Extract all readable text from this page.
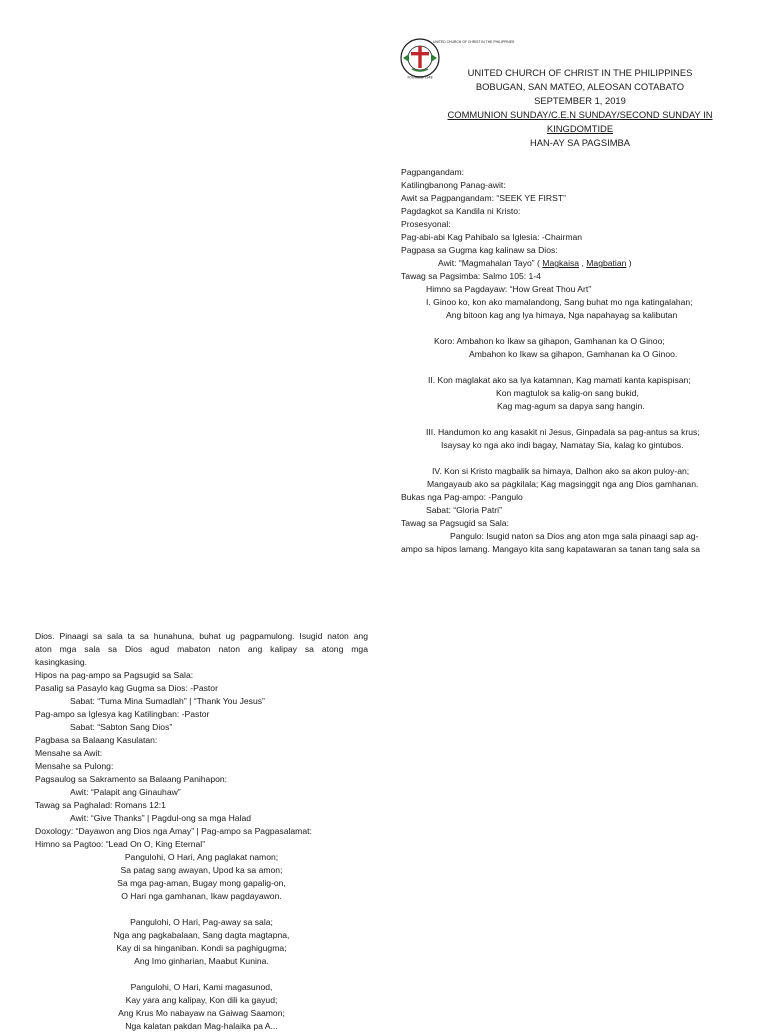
FOUNDED 1948
UNITED CHURCH OF CHRIST IN THE PHILIPPINES
UNITED CHURCH OF CHRIST IN THE PHILIPPINES
BOBUGAN, SAN MATEO, ALEOSAN COTABATO
SEPTEMBER 1, 2019
COMMUNION SUNDAY/C.E.N SUNDAY/SECOND SUNDAY IN
KINGDOMTIDE
HAN-AY SA PAGSIMBA
Pagpangandam:
Katilingbanong Panag-awit:
Awit sa Pagpangandam: “SEEK YE FIRST”
Pagdagkot sa Kandila ni Kristo:
Prosesyonal:
Pag-abi-abi Kag Pahibalo sa Iglesia: -Chairman
Pagpasa sa Gugma kag kalinaw sa Dios:
Awit: “Magmahalan Tayo” ( Magkaisa , Magbatian )
Tawag sa Pagsimba: Salmo 105: 1-4
Himno sa Pagdayaw: “How Great Thou Art”
I. Ginoo ko, kon ako mamalandong, Sang buhat mo nga katingalahan;
Ang bitoon kag ang lya himaya, Nga napahayag sa kalibutan
Koro: Ambahon ko Ikaw sa gihapon, Gamhanan ka O Ginoo;
Ambahon ko Ikaw sa gihapon, Gamhanan ka O Ginoo.
II. Kon maglakat ako sa lya katamnan, Kag mamati kanta kapispisan;
Kon magtulok sa kalig-on sang bukid,
Kag mag-agum sa dapya sang hangin.
III. Handumon ko ang kasakit ni Jesus, Ginpadala sa pag-antus sa krus;
Isaysay ko nga ako indi bagay, Namatay Sia, kalag ko gintubos.
IV. Kon si Kristo magbalik sa himaya, Dalhon ako sa akon puloy-an;
Mangayaub ako sa pagkilala; Kag magsinggit nga ang Dios gamhanan.
Bukas nga Pag-ampo: -Pangulo
Sabat: “Gloria Patri”
Tawag sa Pagsugid sa Sala:
Pangulo: Isugid naton sa Dios ang aton mga sala pinaagi sap ag-
ampo sa hipos lamang. Mangayo kita sang kapatawaran sa tanan tang sala sa
Dios. Pinaagi sa sala ta sa hunahuna, buhat ug pagpamulong. Isugid naton ang
aton mga sala sa Dios agud mabaton naton ang kalipay sa atong mga
kasingkasing.
Hipos na pag-ampo sa Pagsugid sa Sala:
Pasalig sa Pasaylo kag Gugma sa Dios: -Pastor
Sabat: “Tuma Mina Sumadlah” | “Thank You Jesus”
Pag-ampo sa Iglesya kag Katilingban: -Pastor
Sabat: “Sabton Sang Dios”
Pagbasa sa Balaang Kasulatan:
Mensahe sa Awit:
Mensahe sa Pulong:
Pagsaulog sa Sakramento sa Balaang Panihapon:
Awit: “Palapit ang Ginauhaw”
Tawag sa Paghalad: Romans 12:1
Awit: “Give Thanks” | Pagdul-ong sa mga Halad
Doxology: “Dayawon ang Dios nga Amay” | Pag-ampo sa Pagpasalamat:
Himno sa Pagtoo: “Lead On O, King Eternal”
Pangulohi, O Hari, Ang paglakat namon;
Sa patag sang awayan, Upod ka sa amon;
Sa mga pag-aman, Bugay mong gapalig-on,
O Hari nga gamhanan, Ikaw pagdayawon.
Pangulohi, O Hari, Pag-away sa sala;
Nga ang pagkabalaan, Sang dagta magtapna,
Kay di sa hinganiban. Kondi sa paghigugma;
Ang Imo ginharian, Maabut Kunina.
Pangulohi, O Hari, Kami magasunod,
Kay yara ang kalipay, Kon dili ka gayud;
Ang Krus Mo nabayaw na Gaiwag Saamon;
Nga kalatan pakdan Mag-halaika pa A...
